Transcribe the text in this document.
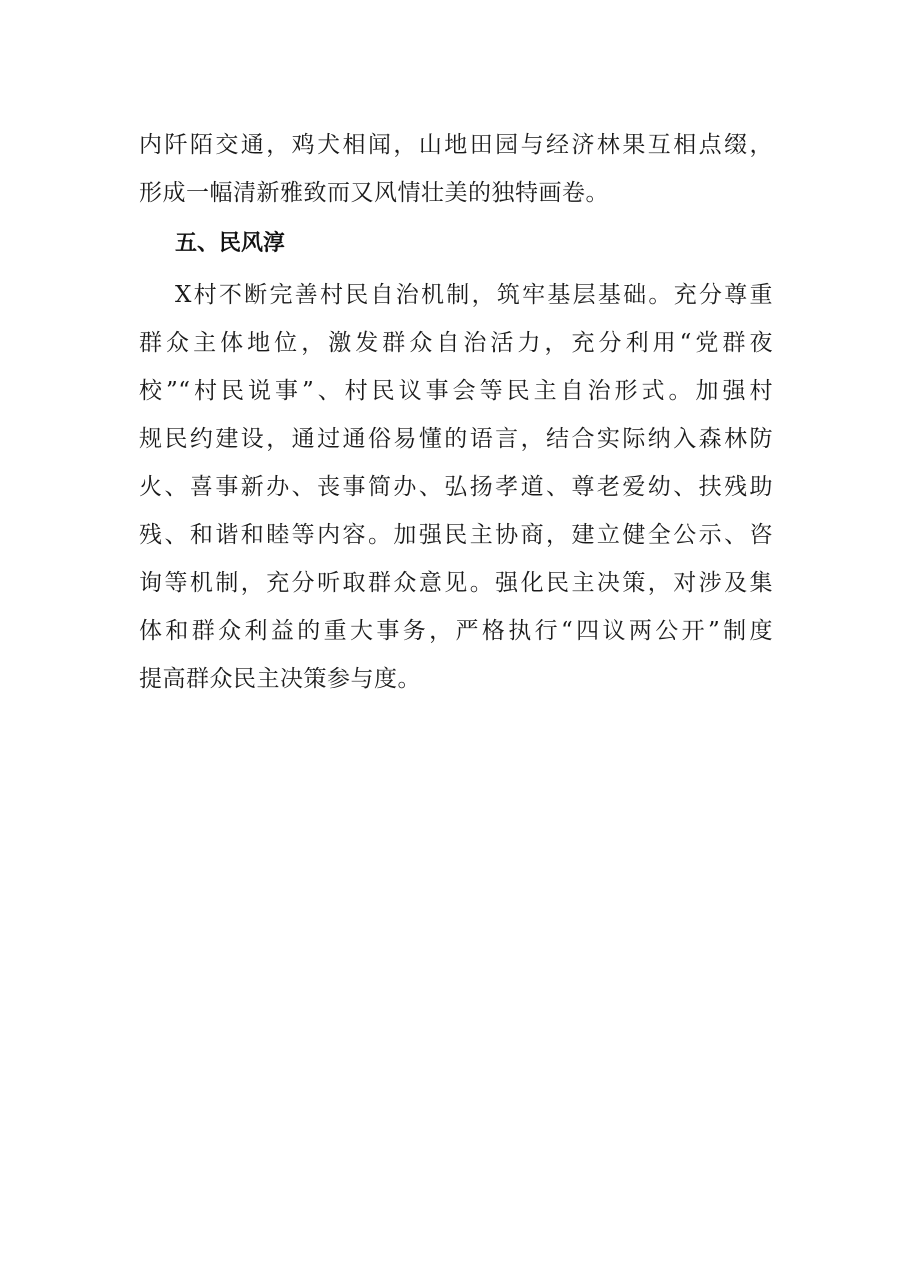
内阡陌交通，鸡犬相闻，山地田园与经济林果互相点缀，
形成一幅清新雅致而又风情壮美的独特画卷。
五、民风淳
X村不断完善村民自治机制，筑牢基层基础。充分尊重
群众主体地位，激发群众自治活力，充分利用“党群夜
校”“村民说事”、村民议事会等民主自治形式。加强村
规民约建设，通过通俗易懂的语言，结合实际纳入森林防
火、喜事新办、丧事简办、弘扬孝道、尊老爱幼、扶残助
残、和谐和睦等内容。加强民主协商，建立健全公示、咨
询等机制，充分听取群众意见。强化民主决策，对涉及集
体和群众利益的重大事务，严格执行“四议两公开”制度
提高群众民主决策参与度。
